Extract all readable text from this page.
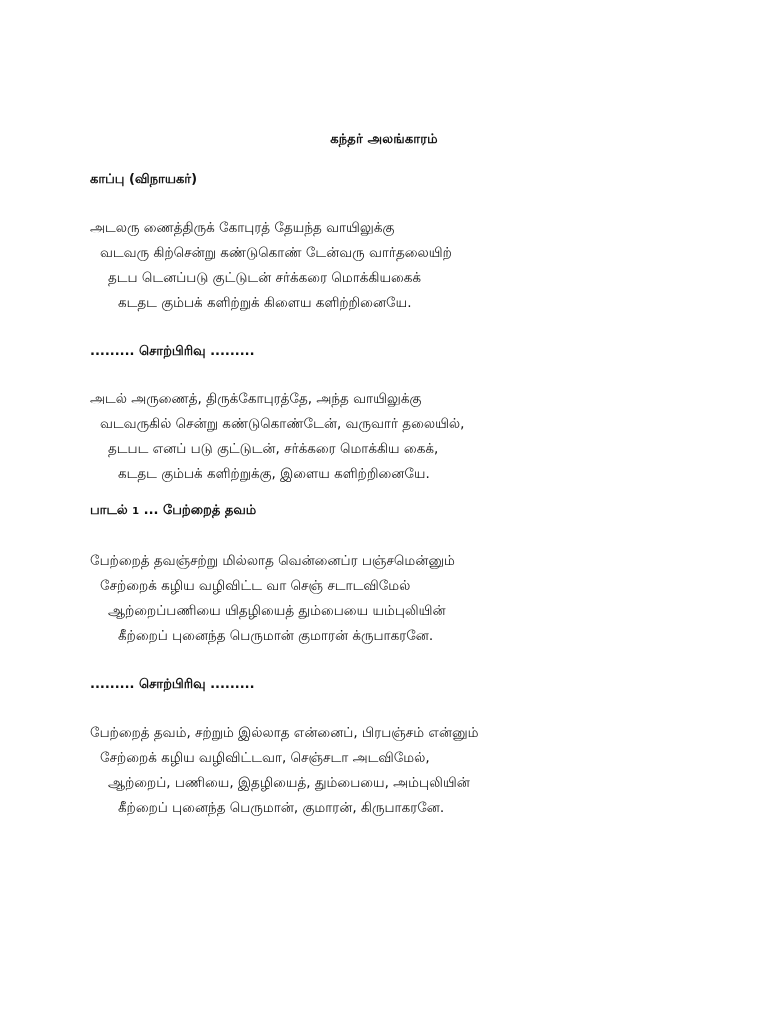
கந்தர் அலங்காரம்
காப்பு (விநாயகர்)
அடலரு ணைத்திருக் கோபுரத் தேயந்த வாயிலுக்கு
வடவரு கிற்சென்று கண்டுகொண் டேன்வரு வார்தலையிற்
தடப டெனப்படு குட்டுடன் சர்க்கரை மொக்கியகைக்
கடதட கும்பக் களிற்றுக் கிளைய களிற்றினையே.
......... சொற்பிரிவு .........
அடல் அருணைத், திருக்கோபுரத்தே, அந்த வாயிலுக்கு
வடவருகில் சென்று கண்டுகொண்டேன், வருவார் தலையில்,
தடபட எனப் படு குட்டுடன், சர்க்கரை மொக்கிய கைக்,
கடதட கும்பக் களிற்றுக்கு, இளைய களிற்றினையே.
பாடல் 1 ... பேற்றைத் தவம்
பேற்றைத் தவஞ்சற்று மில்லாத வென்னைப்ர பஞ்சமென்னும்
சேற்றைக் கழிய வழிவிட்ட வா செஞ் சடாடவிமேல்
ஆற்றைப்பணியை யிதழியைத் தும்பையை யம்புலியின்
கீற்றைப் புனைந்த பெருமான் குமாரன் க்ருபாகரனே.
......... சொற்பிரிவு .........
பேற்றைத் தவம், சற்றும் இல்லாத என்னைப், பிரபஞ்சம் என்னும்
சேற்றைக் கழிய வழிவிட்டவா, செஞ்சடா அடவிமேல்,
ஆற்றைப், பணியை, இதழியைத், தும்பையை, அம்புலியின்
கீற்றைப் புனைந்த பெருமான், குமாரன், கிருபாகரனே.
